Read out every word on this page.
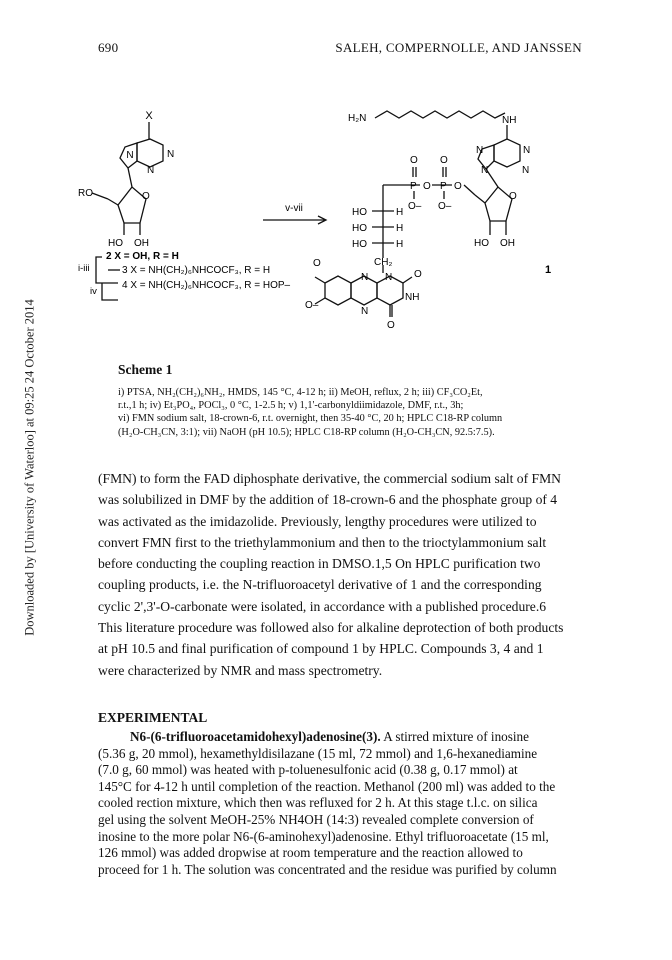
690	SALEH, COMPERNOLLE, AND JANSSEN
Downloaded by [University of Waterloo] at 09:25 24 October 2014
X
N	N
N
O
RO
HO OH
2 X = OH, R = H
i-iii	3 X = NH(CH₂)₆NHCOCF₃, R = H
iv
O
4 X = NH(CH₂)₆NHCOCF₃, R = HOP–
O–
v-vii
H₂N	NH
N	N
N	N
O
HO OH
O O
P P
O O
O– O–
HO
HO
HO
H
H
H
CH₂
N N
N
O
NH
O
1
Scheme 1
i) PTSA, NH₂(CH₂)₆NH₂, HMDS, 145 °C, 4-12 h; ii) MeOH, reflux, 2 h; iii) CF₃CO₂Et,
r.t.,1 h; iv) Et₃PO₄, POCl₃, 0 °C, 1-2.5 h; v) 1,1'-carbonyldiimidazole, DMF, r.t., 3h;
vi) FMN sodium salt, 18-crown-6, r.t. overnight, then 35-40 °C, 20 h; HPLC C18-RP column
(H₂O-CH₃CN, 3:1); vii) NaOH (pH 10.5); HPLC C18-RP column (H₂O-CH₃CN, 92.5:7.5).
(FMN) to form the FAD diphosphate derivative, the commercial sodium salt of FMN
was solubilized in DMF by the addition of 18-crown-6 and the phosphate group of 4
was activated as the imidazolide. Previously, lengthy procedures were utilized to
convert FMN first to the triethylammonium and then to the trioctylammonium salt
before conducting the coupling reaction in DMSO.1,5 On HPLC purification two
coupling products, i.e. the N-trifluoroacetyl derivative of 1 and the corresponding
cyclic 2',3'-O-carbonate were isolated, in accordance with a published procedure.6
This literature procedure was followed also for alkaline deprotection of both products
at pH 10.5 and final purification of compound 1 by HPLC. Compounds 3, 4 and 1
were characterized by NMR and mass spectrometry.
EXPERIMENTAL
N6-(6-trifluoroacetamidohexyl)adenosine(3). A stirred mixture of inosine
(5.36 g, 20 mmol), hexamethyldisilazane (15 ml, 72 mmol) and 1,6-hexanediamine
(7.0 g, 60 mmol) was heated with p-toluenesulfonic acid (0.38 g, 0.17 mmol) at
145°C for 4-12 h until completion of the reaction. Methanol (200 ml) was added to the
cooled rection mixture, which then was refluxed for 2 h. At this stage t.l.c. on silica
gel using the solvent MeOH-25% NH4OH (14:3) revealed complete conversion of
inosine to the more polar N6-(6-aminohexyl)adenosine. Ethyl trifluoroacetate (15 ml,
126 mmol) was added dropwise at room temperature and the reaction allowed to
proceed for 1 h. The solution was concentrated and the residue was purified by column
